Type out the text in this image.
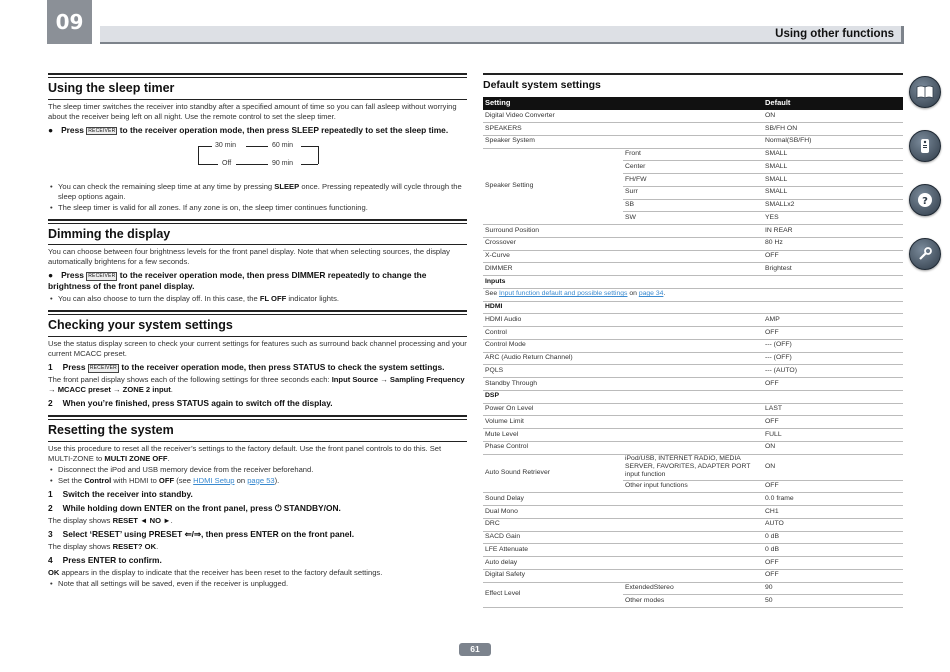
09
Using other functions
Using the sleep timer

The sleep timer switches the receiver into standby after a specified amount of time so you can fall asleep without worrying about the receiver being left on all night. Use the remote control to set the sleep timer.

● Press RECEIVER to the receiver operation mode, then press SLEEP repeatedly to set the sleep time.

30 min	60 min
Off	90 min
• You can check the remaining sleep time at any time by pressing SLEEP once. Pressing repeatedly will cycle through the sleep options again.
• The sleep timer is valid for all zones. If any zone is on, the sleep timer continues functioning.
Dimming the display

You can choose between four brightness levels for the front panel display. Note that when selecting sources, the display automatically brightens for a few seconds.

● Press RECEIVER to the receiver operation mode, then press DIMMER repeatedly to change the brightness of the front panel display.

• You can also choose to turn the display off. In this case, the FL OFF indicator lights.
Checking your system settings

Use the status display screen to check your current settings for features such as surround back channel processing and your current MCACC preset.

1 Press RECEIVER to the receiver operation mode, then press STATUS to check the system settings.

The front panel display shows each of the following settings for three seconds each: Input Source → Sampling Frequency → MCACC preset → ZONE 2 input.

2 When you’re finished, press STATUS again to switch off the display.

Resetting the system

Use this procedure to reset all the receiver’s settings to the factory default. Use the front panel controls to do this. Set MULTI-ZONE to MULTI ZONE OFF.

• Disconnect the iPod and USB memory device from the receiver beforehand.
• Set the Control with HDMI to OFF (see HDMI Setup on page 53).

1 Switch the receiver into standby.

2 While holding down ENTER on the front panel, press ⏻ STANDBY/ON.

The display shows RESET ◄ NO ►.

3 Select ‘RESET’ using PRESET ⇐/⇒, then press ENTER on the front panel.

The display shows RESET? OK.

4 Press ENTER to confirm.

OK appears in the display to indicate that the receiver has been reset to the factory default settings.

• Note that all settings will be saved, even if the receiver is unplugged.
Default system settings
Setting		Default
Digital Video Converter		ON
SPEAKERS		SB/FH ON
Speaker System		Normal(SB/FH)
Speaker Setting	Front	SMALL
	Center	SMALL
	FH/FW	SMALL
	Surr	SMALL
	SB	SMALLx2
	SW	YES
Surround Position		IN REAR
Crossover		80 Hz
X-Curve		OFF
DIMMER		Brightest
Inputs		
See Input function default and possible settings on page 34.		
HDMI		
HDMI Audio		AMP
Control		OFF
Control Mode		--- (OFF)
ARC (Audio Return Channel)		--- (OFF)
PQLS		--- (AUTO)
Standby Through		OFF
DSP		
Power On Level		LAST
Volume Limit		OFF
Mute Level		FULL
Phase Control		ON
Auto Sound Retriever	iPod/USB, INTERNET RADIO, MEDIA SERVER, FAVORITES, ADAPTER PORT input function	ON
	Other input functions	OFF
Sound Delay		0.0 frame
Dual Mono		CH1
DRC		AUTO
SACD Gain		0 dB
LFE Attenuate		0 dB
Auto delay		OFF
Digital Safety		OFF
Effect Level	ExtendedStereo	90
	Other modes	50
?
61
